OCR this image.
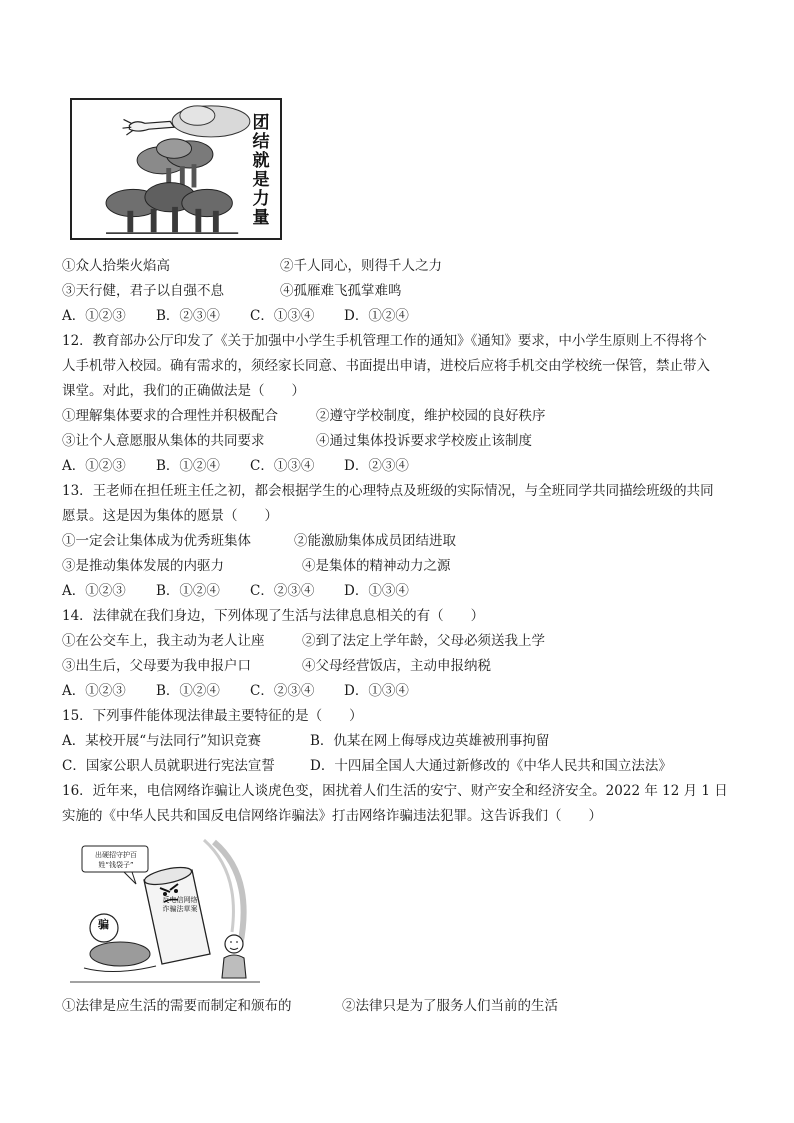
团结就是力量
①众人拾柴火焰高	②千人同心，则得千人之力
③天行健，君子以自强不息	④孤雁难飞孤掌难鸣
A．①②③ B．②③④ C．①③④ D．①②④
12．教育部办公厅印发了《关于加强中小学生手机管理工作的通知》《通知》要求，中小学生原则上不得将个
人手机带入校园。确有需求的，须经家长同意、书面提出申请，进校后应将手机交由学校统一保管，禁止带入
课堂。对此，我们的正确做法是（　　）
①理解集体要求的合理性并积极配合	②遵守学校制度，维护校园的良好秩序
③让个人意愿服从集体的共同要求	④通过集体投诉要求学校废止该制度
A．①②③ B．①②④ C．①③④ D．②③④
13．王老师在担任班主任之初，都会根据学生的心理特点及班级的实际情况，与全班同学共同描绘班级的共同
愿景。这是因为集体的愿景（　　）
①一定会让集体成为优秀班集体	②能激励集体成员团结进取
③是推动集体发展的内驱力	④是集体的精神动力之源
A．①②③ B．①②④ C．②③④ D．①③④
14．法律就在我们身边，下列体现了生活与法律息息相关的有（　　）
①在公交车上，我主动为老人让座	②到了法定上学年龄，父母必须送我上学
③出生后，父母要为我申报户口	④父母经营饭店，主动申报纳税
A．①②③ B．①②④ C．②③④ D．①③④
15．下列事件能体现法律最主要特征的是（　　）
A．某校开展“与法同行”知识竞赛	B．仇某在网上侮辱戍边英雄被刑事拘留
C．国家公职人员就职进行宪法宣誓	D．十四届全国人大通过新修改的《中华人民共和国立法法》
16．近年来，电信网络诈骗让人谈虎色变，困扰着人们生活的安宁、财产安全和经济安全。2022 年 12 月 1 日
实施的《中华人民共和国反电信网络诈骗法》打击网络诈骗违法犯罪。这告诉我们（　　）
出硬招守护百姓“钱袋子”
反电信网络诈骗法草案
骗
①法律是应生活的需要而制定和颁布的	②法律只是为了服务人们当前的生活
